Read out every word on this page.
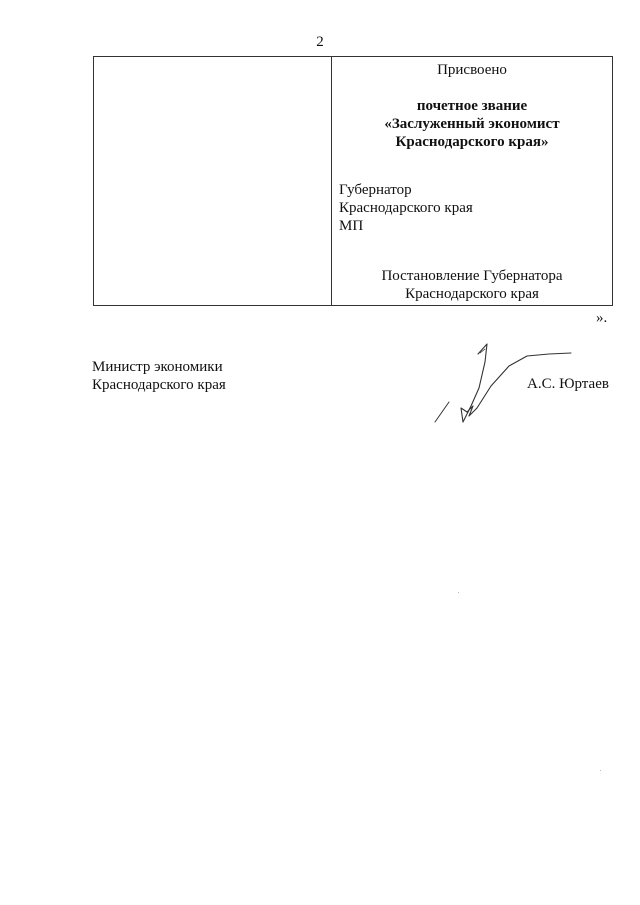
2
Присвоено
почетное звание
«Заслуженный экономист
Краснодарского края»
Губернатор
Краснодарского края
МП
Постановление Губернатора
Краснодарского края
».
Министр экономики
Краснодарского края	А.С. Юртаев
